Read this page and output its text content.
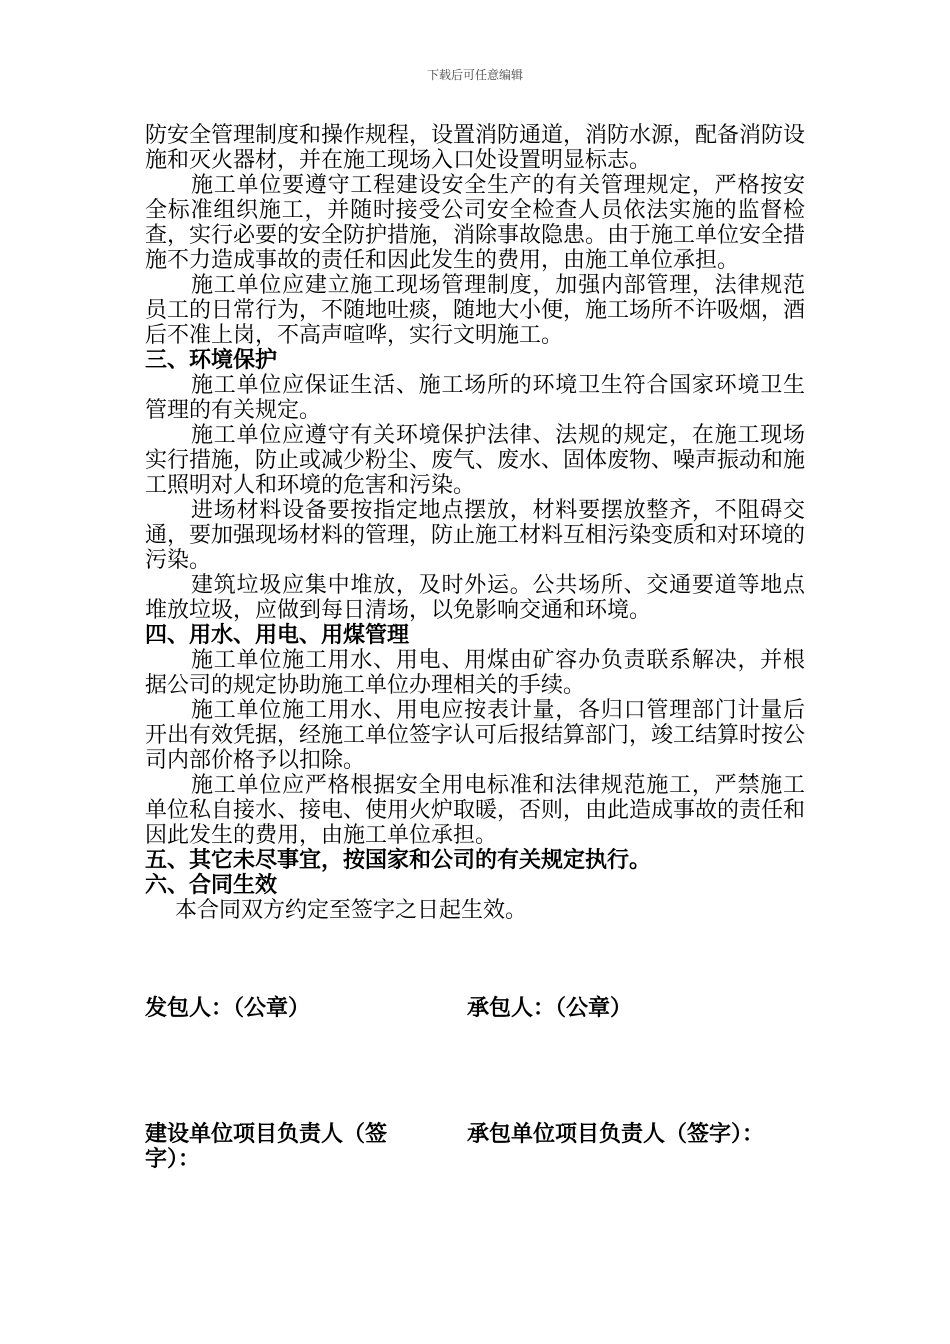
下载后可任意编辑

防安全管理制度和操作规程，设置消防通道，消防水源，配备消防设施和灭火器材，并在施工现场入口处设置明显标志。

施工单位要遵守工程建设安全生产的有关管理规定，严格按安全标准组织施工，并随时接受公司安全检查人员依法实施的监督检查，实行必要的安全防护措施，消除事故隐患。由于施工单位安全措施不力造成事故的责任和因此发生的费用，由施工单位承担。

施工单位应建立施工现场管理制度，加强内部管理，法律规范员工的日常行为，不随地吐痰，随地大小便，施工场所不许吸烟，酒后不准上岗，不高声喧哗，实行文明施工。

三、环境保护

施工单位应保证生活、施工场所的环境卫生符合国家环境卫生管理的有关规定。

施工单位应遵守有关环境保护法律、法规的规定，在施工现场实行措施，防止或减少粉尘、废气、废水、固体废物、噪声振动和施工照明对人和环境的危害和污染。

进场材料设备要按指定地点摆放，材料要摆放整齐，不阻碍交通，要加强现场材料的管理，防止施工材料互相污染变质和对环境的污染。

建筑垃圾应集中堆放，及时外运。公共场所、交通要道等地点堆放垃圾，应做到每日清场，以免影响交通和环境。

四、用水、用电、用煤管理

施工单位施工用水、用电、用煤由矿容办负责联系解决，并根据公司的规定协助施工单位办理相关的手续。

施工单位施工用水、用电应按表计量，各归口管理部门计量后开出有效凭据，经施工单位签字认可后报结算部门，竣工结算时按公司内部价格予以扣除。

施工单位应严格根据安全用电标准和法律规范施工，严禁施工单位私自接水、接电、使用火炉取暖，否则，由此造成事故的责任和因此发生的费用，由施工单位承担。

五、其它未尽事宜，按国家和公司的有关规定执行。

六、合同生效

本合同双方约定至签字之日起生效。

发包人：（公章）	承包人：（公章）
建设单位项目负责人（签字）：
承包单位项目负责人（签字）：
